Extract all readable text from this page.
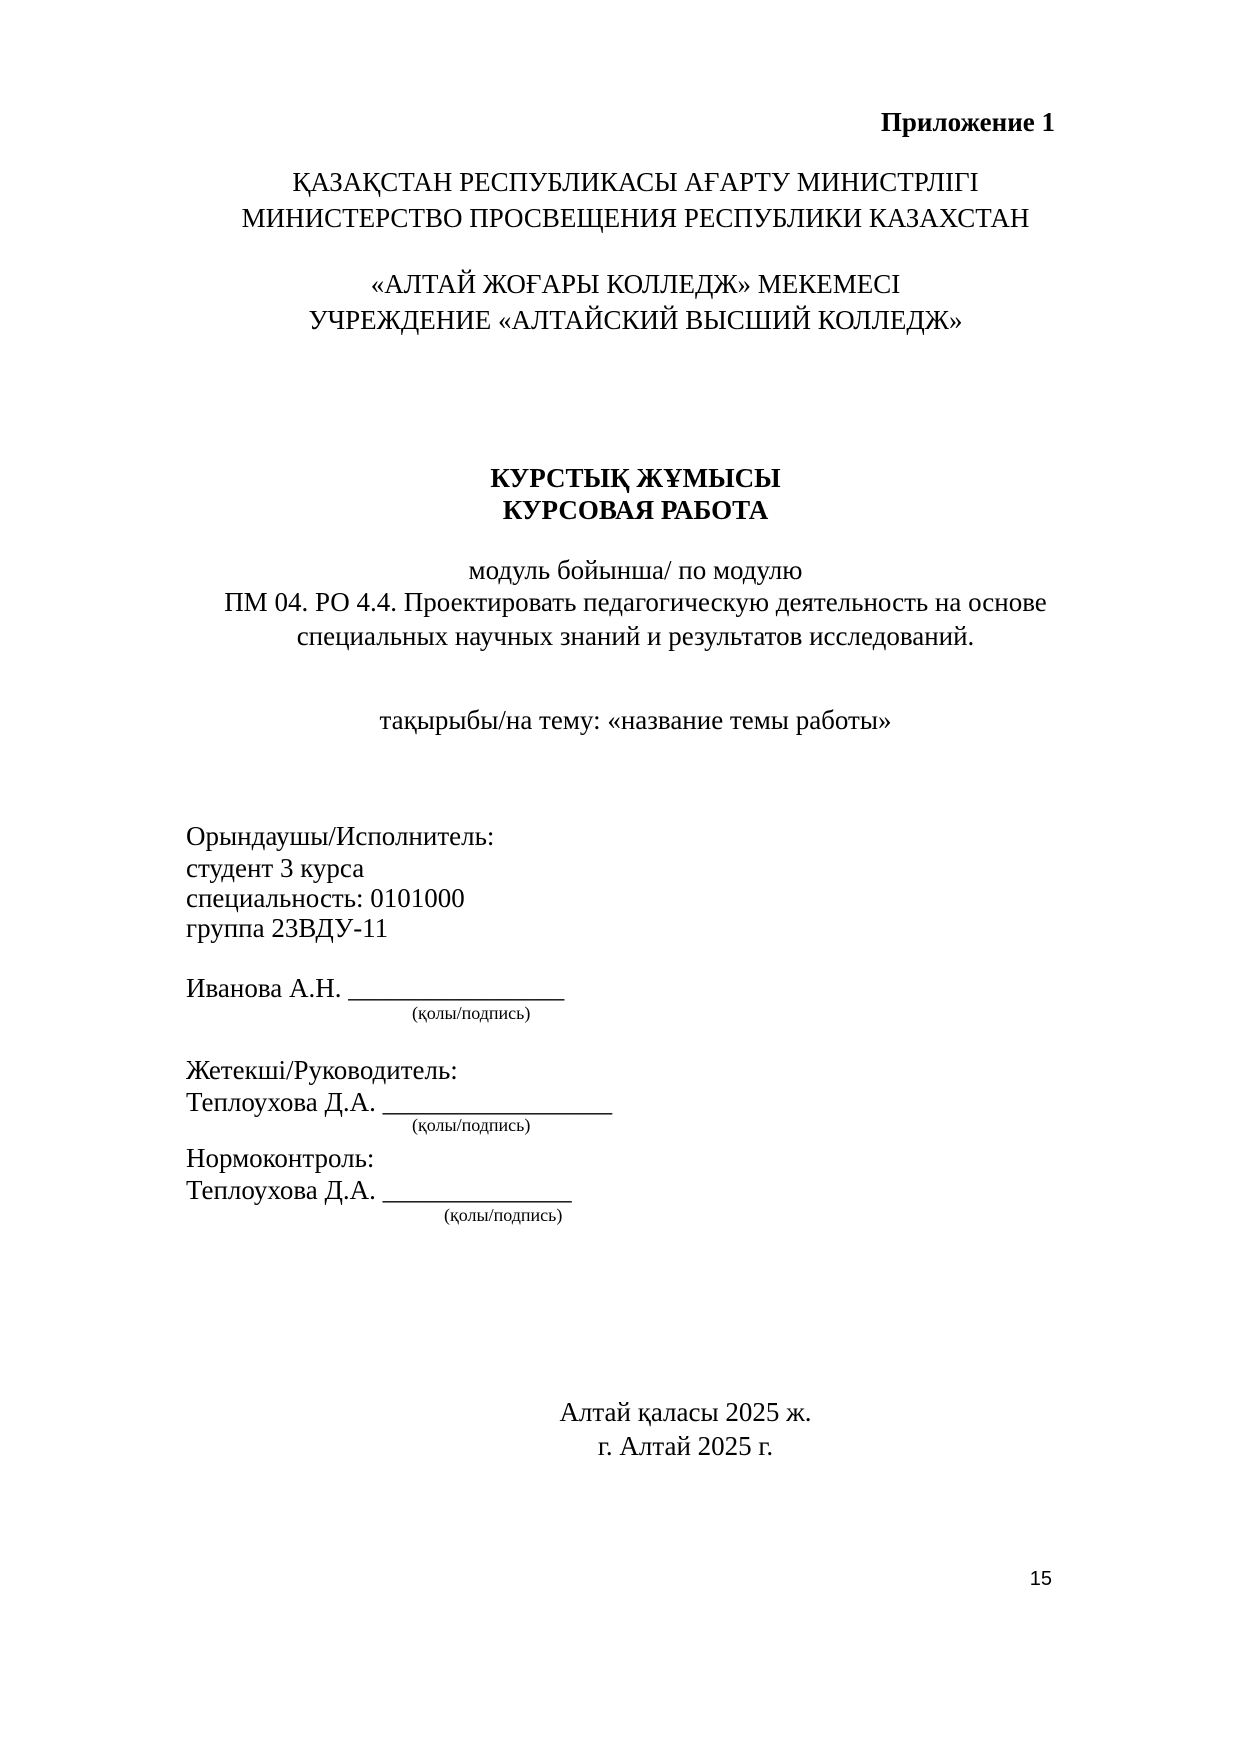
Приложение 1
ҚАЗАҚСТАН РЕСПУБЛИКАСЫ АҒАРТУ МИНИСТРЛІГІ
МИНИСТЕРСТВО ПРОСВЕЩЕНИЯ РЕСПУБЛИКИ КАЗАХСТАН
«АЛТАЙ ЖОҒАРЫ КОЛЛЕДЖ» МЕКЕМЕСІ
УЧРЕЖДЕНИЕ «АЛТАЙСКИЙ ВЫСШИЙ КОЛЛЕДЖ»
КУРСТЫҚ ЖҰМЫСЫ
КУРСОВАЯ РАБОТА
модуль бойынша/ по модулю
ПМ 04. РО 4.4. Проектировать педагогическую деятельность на основе
специальных научных знаний и результатов исследований.
тақырыбы/на тему: «название темы работы»
Орындаушы/Исполнитель:
студент 3 курса
специальность: 0101000
группа 23ВДУ-11
Иванова А.Н. ________________
(қолы/подпись)
Жетекші/Руководитель:
Теплоухова Д.А. _________________
(қолы/подпись)
Нормоконтроль:
Теплоухова Д.А. ______________
(қолы/подпись)
Алтай қаласы 2025 ж.
г. Алтай 2025 г.
15
